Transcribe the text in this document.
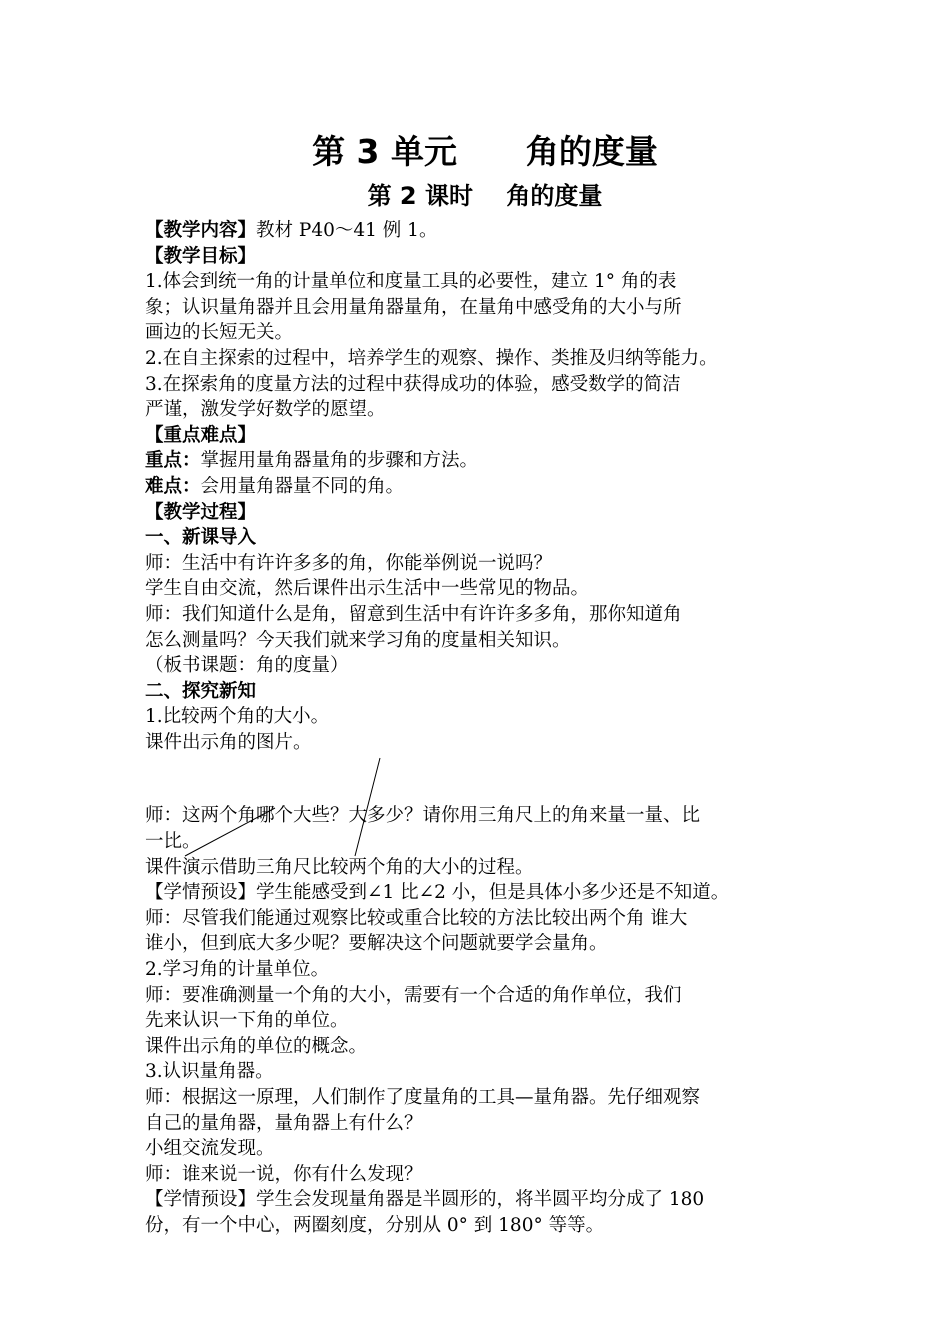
第 3 单元      角的度量
第 2 课时    角的度量

【教学内容】教材 P40～41 例 1。

【教学目标】

1.体会到统一角的计量单位和度量工具的必要性，建立 1° 角的表

象；认识量角器并且会用量角器量角，在量角中感受角的大小与所

画边的长短无关。

2.在自主探索的过程中，培养学生的观察、操作、类推及归纳等能力。

3.在探索角的度量方法的过程中获得成功的体验，感受数学的简洁

严谨，激发学好数学的愿望。

【重点难点】

重点：掌握用量角器量角的步骤和方法。

难点：会用量角器量不同的角。

【教学过程】

一、新课导入

师：生活中有许许多多的角，你能举例说一说吗？

学生自由交流，然后课件出示生活中一些常见的物品。

师：我们知道什么是角，留意到生活中有许许多多角，那你知道角

怎么测量吗？今天我们就来学习角的度量相关知识。

（板书课题：角的度量）

二、探究新知

1.比较两个角的大小。

课件出示角的图片。

师：这两个角哪个大些？大多少？请你用三角尺上的角来量一量、比

一比。

课件演示借助三角尺比较两个角的大小的过程。

【学情预设】学生能感受到∠1 比∠2 小，但是具体小多少还是不知道。

师：尽管我们能通过观察比较或重合比较的方法比较出两个角 谁大

谁小，但到底大多少呢？要解决这个问题就要学会量角。

2.学习角的计量单位。

师：要准确测量一个角的大小，需要有一个合适的角作单位，我们

先来认识一下角的单位。

课件出示角的单位的概念。

3.认识量角器。

师：根据这一原理，人们制作了度量角的工具—量角器。先仔细观察

自己的量角器，量角器上有什么？

小组交流发现。

师：谁来说一说，你有什么发现？

【学情预设】学生会发现量角器是半圆形的，将半圆平均分成了 180

份，有一个中心，两圈刻度，分别从 0° 到 180° 等等。
